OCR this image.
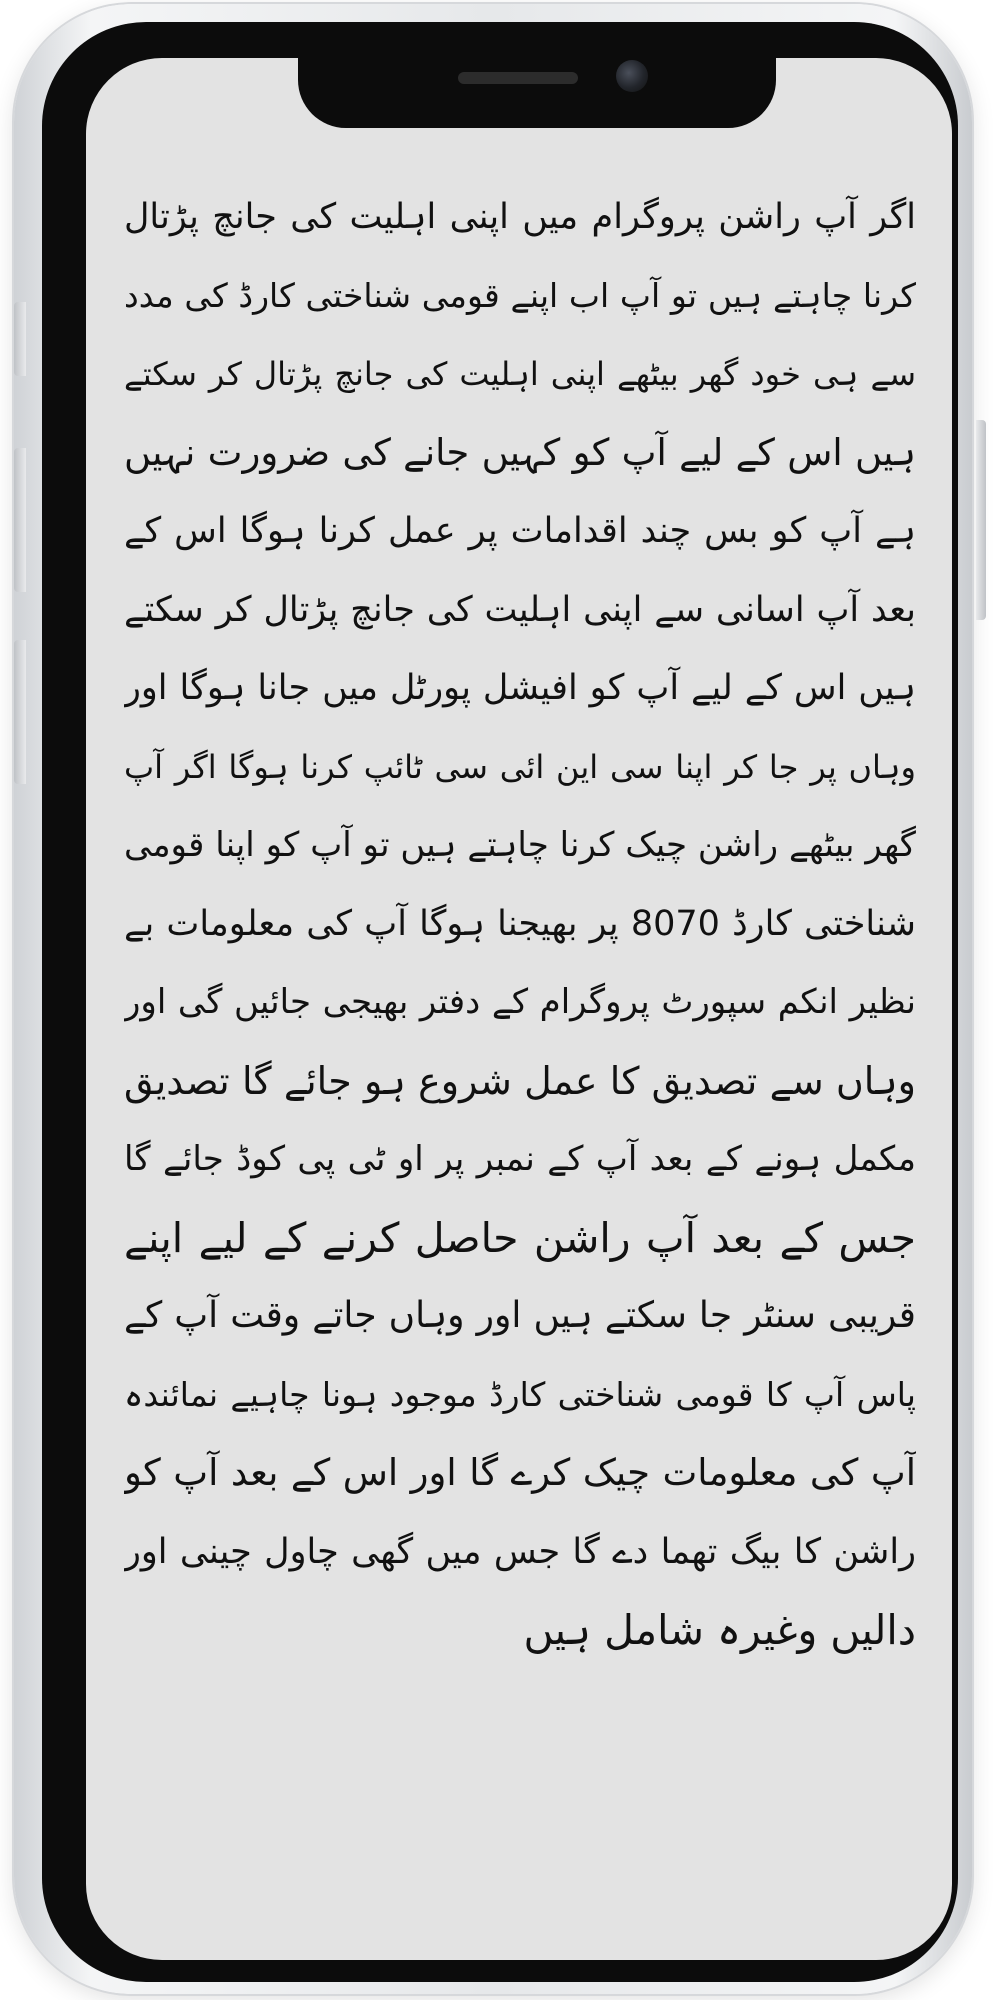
اگر آپ راشن پروگرام میں اپنی اہلیت کی جانچ پڑتال
کرنا چاہتے ہیں تو آپ اب اپنے قومی شناختی کارڈ کی مدد
سے ہی خود گھر بیٹھے اپنی اہلیت کی جانچ پڑتال کر سکتے
ہیں اس کے لیے آپ کو کہیں جانے کی ضرورت نہیں
ہے آپ کو بس چند اقدامات پر عمل کرنا ہوگا اس کے
بعد آپ اسانی سے اپنی اہلیت کی جانچ پڑتال کر سکتے
ہیں اس کے لیے آپ کو افیشل پورٹل میں جانا ہوگا اور
وہاں پر جا کر اپنا سی این ائی سی ٹائپ کرنا ہوگا اگر آپ
گھر بیٹھے راشن چیک کرنا چاہتے ہیں تو آپ کو اپنا قومی
شناختی کارڈ 8070 پر بھیجنا ہوگا آپ کی معلومات بے
نظیر انکم سپورٹ پروگرام کے دفتر بھیجی جائیں گی اور
وہاں سے تصدیق کا عمل شروع ہو جائے گا تصدیق
مکمل ہونے کے بعد آپ کے نمبر پر او ٹی پی کوڈ جائے گا
جس کے بعد آپ راشن حاصل کرنے کے لیے اپنے
قریبی سنٹر جا سکتے ہیں اور وہاں جاتے وقت آپ کے
پاس آپ کا قومی شناختی کارڈ موجود ہونا چاہیے نمائندہ
آپ کی معلومات چیک کرے گا اور اس کے بعد آپ کو
راشن کا بیگ تھما دے گا جس میں گھی چاول چینی اور
دالیں وغیرہ شامل ہیں
